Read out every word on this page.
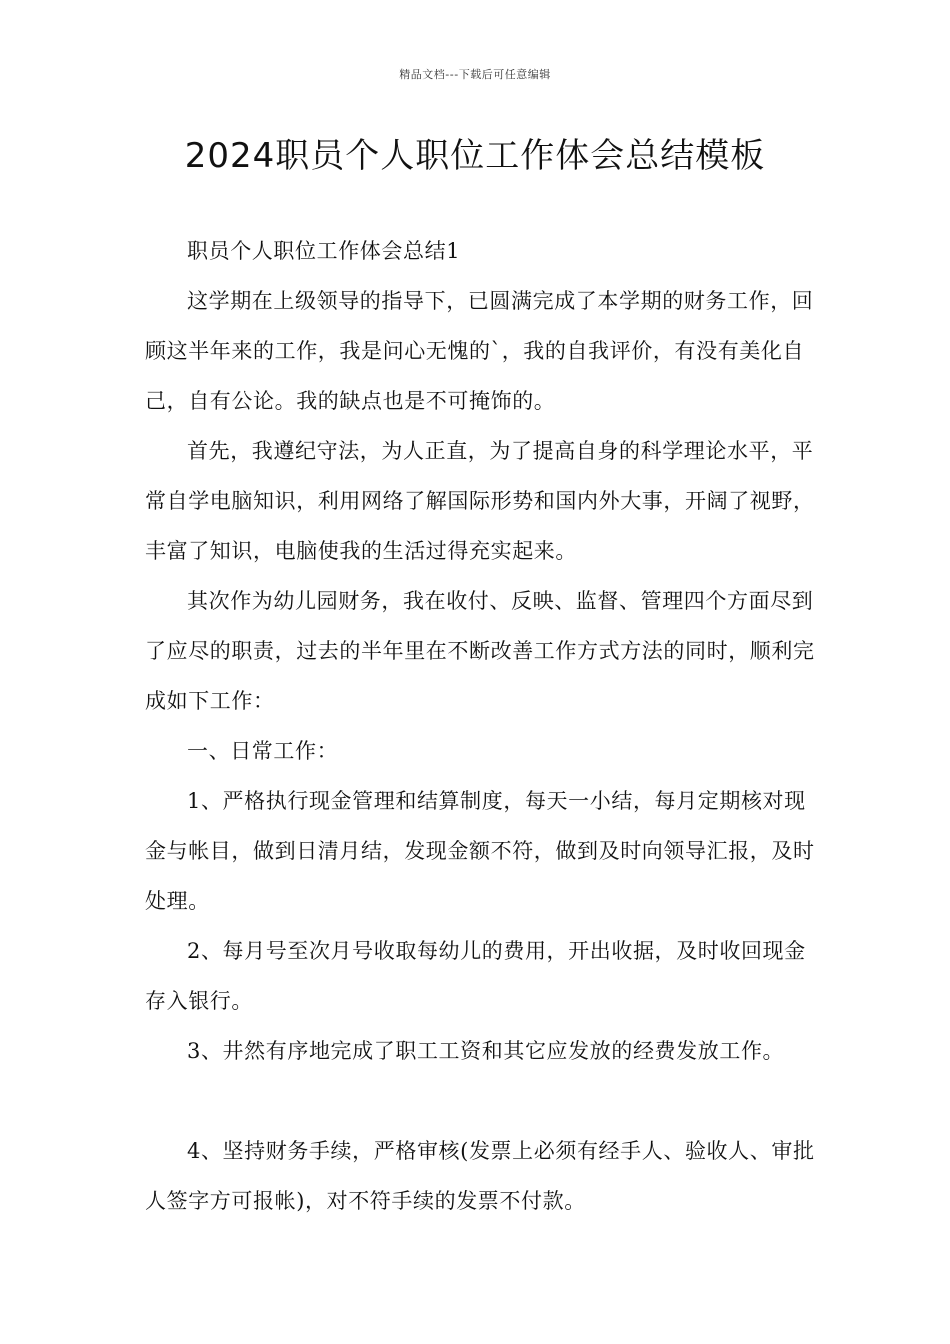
精品文档---下载后可任意编辑
2024职员个人职位工作体会总结模板

职员个人职位工作体会总结1

这学期在上级领导的指导下，已圆满完成了本学期的财务工作，回顾这半年来的工作，我是问心无愧的`，我的自我评价，有没有美化自己，自有公论。我的缺点也是不可掩饰的。

首先，我遵纪守法，为人正直，为了提高自身的科学理论水平，平常自学电脑知识，利用网络了解国际形势和国内外大事，开阔了视野，丰富了知识，电脑使我的生活过得充实起来。

其次作为幼儿园财务，我在收付、反映、监督、管理四个方面尽到了应尽的职责，过去的半年里在不断改善工作方式方法的同时，顺利完成如下工作：

一、日常工作：

1、严格执行现金管理和结算制度，每天一小结，每月定期核对现金与帐目，做到日清月结，发现金额不符，做到及时向领导汇报，及时处理。

2、每月号至次月号收取每幼儿的费用，开出收据，及时收回现金存入银行。

3、井然有序地完成了职工工资和其它应发放的经费发放工作。

4、坚持财务手续，严格审核(发票上必须有经手人、验收人、审批人签字方可报帐)，对不符手续的发票不付款。
